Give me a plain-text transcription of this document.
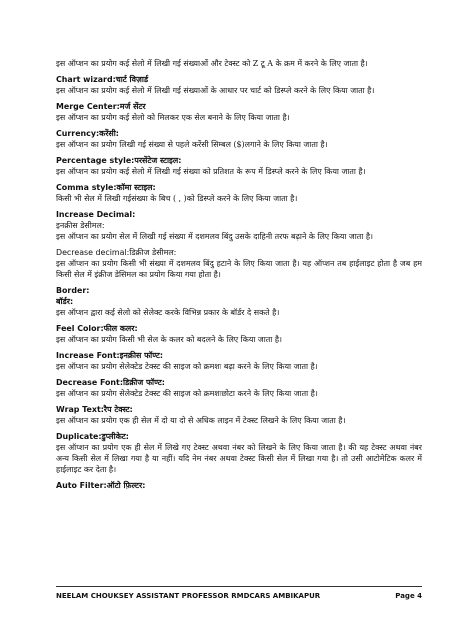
इस ऑप्शन का प्रयोग कई सेलो में लिखी गई संख्याओं और टेक्स्ट को Z टू A के क्रम में करने के लिए जाता है।

Chart wizard:चार्ट विज़ार्ड

इस ऑप्शन का प्रयोग कई सेलो में लिखी गई संख्याओं के आधार पर चार्ट को डिस्प्ले करने के लिए किया जाता है।

Merge Center:मर्ज सेंटर

इस ऑप्शन का प्रयोग कई सेलो को मिलकर एक सेल बनाने के लिए किया जाता है।

Currency:करेंसी:

इस ऑप्शन का प्रयोग लिखी गई संख्या से पहले करेंसी सिम्बल ($)लगाने के लिए किया जाता है।

Percentage style:परसेंटेज स्टाइल:

इस ऑप्शन का प्रयोग कई सेलो में लिखी गई संख्या को प्रतिशत के रूप में डिस्प्ले करने के लिए किया जाता है।

Comma style:कॉमा स्टाइल:

किसी भी सेल में लिखी गईसंख्या के बिच ( , )को डिस्प्ले करने के लिए किया जाता है।

Increase Decimal:

इनक्रीस डेसीमल:

इस ऑप्शन का प्रयोग सेल में लिखी गई संख्या में दशमलव बिंदु उसके दाहिनी तरफ बढ़ाने के लिए किया जाता है।

Decrease decimal:डिक्रीज डेसीमल:

इस ऑप्शन का प्रयोग किसी भी संख्या में दशमलव बिंदु हटाने के लिए किया जाता है। यह ऑप्शन तब हाईलाइट होता है जब हम किसी सेल में इंक्रीज डेसिमल का प्रयोग किया गया होता है।

Border:

बॉर्डर:

इस ऑप्शन द्वारा कई सेलो को सेलेक्ट करके विभिन्न प्रकार के बॉर्डर दे सकते है।

Feel Color:फील कलर:

इस ऑप्शन का प्रयोग किसी भी सेल के कलर को बदलने के लिए किया जाता है।

Increase Font:इनक्रीस फॉण्ट:

इस ऑप्शन का प्रयोग सेलेक्टेड टेक्स्ट की साइज को क्रमशः बढ़ा करने के लिए किया जाता है।

Decrease Font:डिक्रीज फॉण्ट:

इस ऑप्शन का प्रयोग सेलेक्टेड टेक्स्ट की साइज को क्रमशःछोटा करने के लिए किया जाता है।

Wrap Text:रैप टेक्स्ट:

इस ऑप्शन का प्रयोग एक ही सेल में दो या दो से अधिक लाइन में टेक्स्ट लिखने के लिए किया जाता है।

Duplicate:डुप्लीकेट:

इस ऑप्शन का प्रयोग एक ही सेल में लिखे गए टेक्स्ट अथवा नंबर को लिखने के लिए किया जाता है। की यह टेक्स्ट अथवा नंबर अन्य किसी सेल में लिखा गया है या नहीं। यदि नेम नंबर अथवा टेक्स्ट किसी सेल में लिखा गया है। तो उसी आटोमेटिक कलर में हाईलाइट कर देता है।

Auto Filter:ऑटो फ़िल्टर:

NEELAM CHOUKSEY ASSISTANT PROFESSOR RMDCARS AMBIKAPUR	Page 4
